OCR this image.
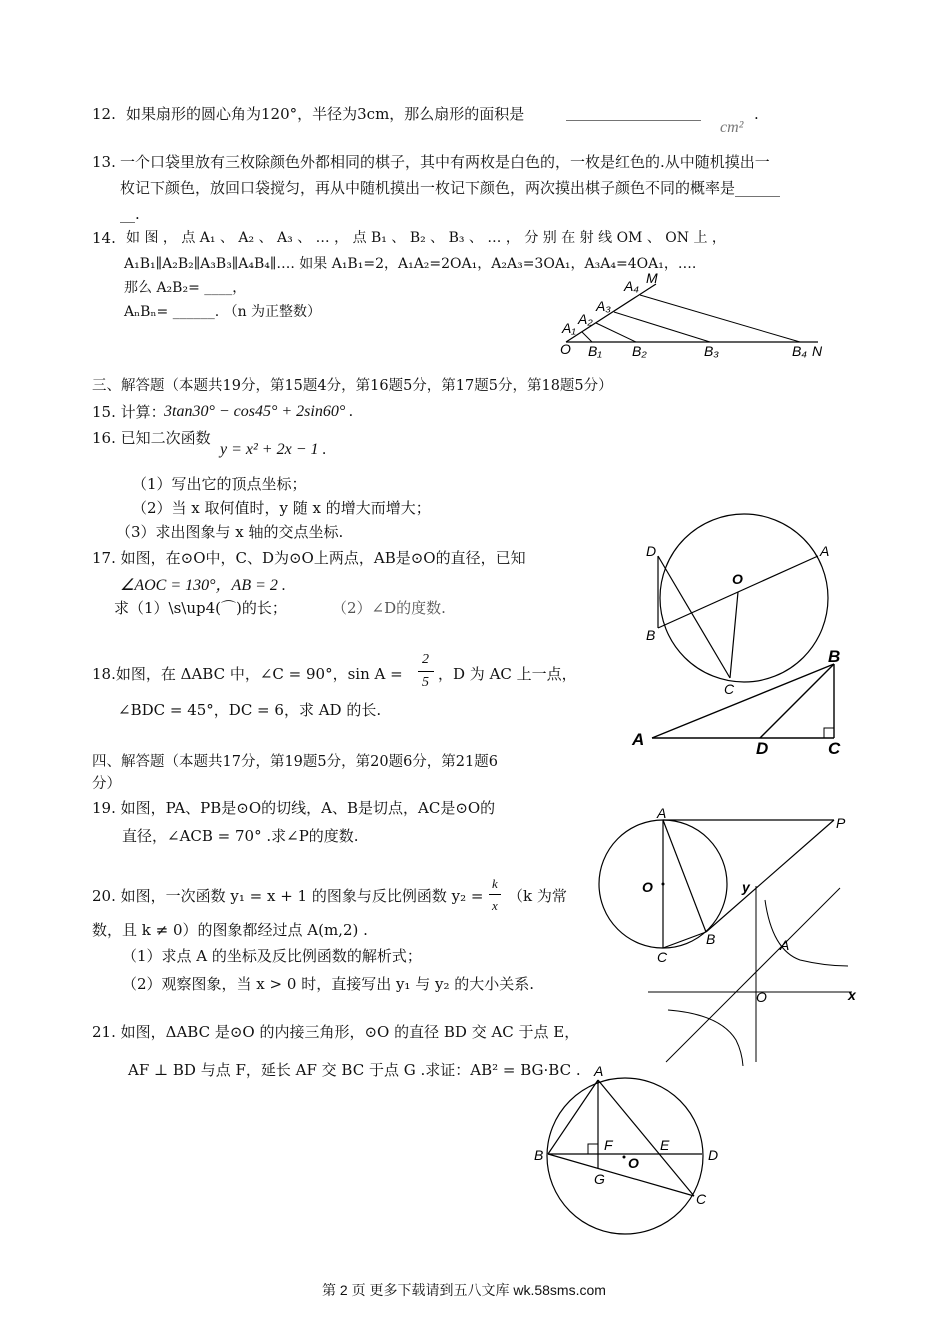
12. 如果扇形的圆心角为120°，半径为3cm，那么扇形的面积是	__________________
cm²
.
13. 一个口袋里放有三枚除颜色外都相同的棋子，其中有两枚是白色的，一枚是红色的.从中随机摸出一
枚记下颜色，放回口袋搅匀，再从中随机摸出一枚记下颜色，两次摸出棋子颜色不同的概率是______
__.
14. 如 图 ， 点 A₁ 、 A₂ 、 A₃ 、 … ， 点 B₁ 、 B₂ 、 B₃ 、 … ， 分 别 在 射 线 OM 、 ON 上 ，
A₁B₁∥A₂B₂∥A₃B₃∥A₄B₄∥…. 如果 A₁B₁=2，A₁A₂=2OA₁，A₂A₃=3OA₁，A₃A₄=4OA₁，….
那么 A₂B₂= ____，
AₙBₙ= ______. （n 为正整数）
O
M
N
A₁
A₂
A₃
A₄
B₁ B₂	B₃	B₄
三、解答题（本题共19分，第15题4分，第16题5分，第17题5分，第18题5分）
15. 计算：
3tan30° − cos45° + 2sin60° .
16. 已知二次函数
y = x² + 2x − 1 .
（1）写出它的顶点坐标；
（2）当 x 取何值时，y 随 x 的增大而增大；
（3）求出图象与 x 轴的交点坐标.
17. 如图，在⊙O中，C、D为⊙O上两点，AB是⊙O的直径，已知
∠AOC = 130°，AB = 2 .
求（1）\s\up4(⌒)的长；	（2）∠D的度数.
D	A
O
B
C
18.如图，在 ΔABC 中，∠C = 90°，sin A =
2
5 ，D 为 AC 上一点，
∠BDC = 45°，DC = 6，求 AD 的长.
A
B
C
D
四、解答题（本题共17分，第19题5分，第20题6分，第21题6
分）
19. 如图，PA、PB是⊙O的切线，A、B是切点，AC是⊙O的
直径，∠ACB = 70° .求∠P的度数.
A
P
O
B
C
20. 如图，一次函数 y₁ = x + 1 的图象与反比例函数 y₂ =
k
x
（k 为常
数，且 k ≠ 0）的图象都经过点 A(m,2) .
（1）求点 A 的坐标及反比例函数的解析式；
（2）观察图象，当 x > 0 时，直接写出 y₁ 与 y₂ 的大小关系.
y
x
O
A
21. 如图，ΔABC 是⊙O 的内接三角形，⊙O 的直径 BD 交 AC 于点 E，
AF ⊥ BD 与点 F，延长 AF 交 BC 于点 G .求证：AB² = BG·BC . A
B
C
D
E
F
G
O
第 2 页 更多下载请到五八文库 wk.58sms.com
